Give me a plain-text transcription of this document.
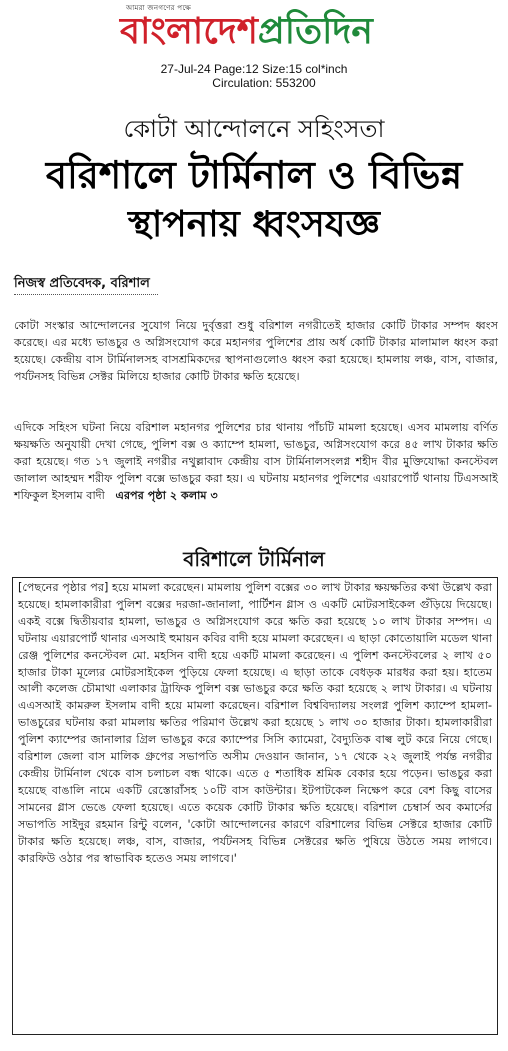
আমরা জনগণের পক্ষে
বাংলাদেশ প্রতিদিন
27-Jul-24 Page:12 Size:15 col*inch
Circulation: 553200
কোটা আন্দোলনে সহিংসতা
বরিশালে টার্মিনাল ও বিভিন্ন
স্থাপনায় ধ্বংসযজ্ঞ
নিজস্ব প্রতিবেদক, বরিশাল

কোটা সংস্কার আন্দোলনের সুযোগ নিয়ে দুর্বৃত্তরা শুধু বরিশাল নগরীতেই হাজার কোটি টাকার সম্পদ ধ্বংস করেছে। এর মধ্যে ভাঙচুর ও অগ্নিসংযোগ করে মহানগর পুলিশের প্রায় অর্ধ কোটি টাকার মালামাল ধ্বংস করা হয়েছে। কেন্দ্রীয় বাস টার্মিনালসহ বাসশ্রমিকদের স্থাপনাগুলোও ধ্বংস করা হয়েছে। হামলায় লঞ্চ, বাস, বাজার, পর্যটনসহ বিভিন্ন সেক্টর মিলিয়ে হাজার কোটি টাকার ক্ষতি হয়েছে।

এদিকে সহিংস ঘটনা নিয়ে বরিশাল মহানগর পুলিশের চার থানায় পাঁচটি মামলা হয়েছে। এসব মামলায় বর্ণিত ক্ষয়ক্ষতি অনুযায়ী দেখা গেছে, পুলিশ বক্স ও ক্যাম্পে হামলা, ভাঙচুর, অগ্নিসংযোগ করে ৪৫ লাখ টাকার ক্ষতি করা হয়েছে। গত ১৭ জুলাই নগরীর নথুল্লাবাদ কেন্দ্রীয় বাস টার্মিনালসংলগ্ন শহীদ বীর মুক্তিযোদ্ধা কনস্টেবল জালাল আহম্মদ শরীফ পুলিশ বক্সে ভাঙচুর করা হয়। এ ঘটনায় মহানগর পুলিশের এয়ারপোর্ট থানায় টিএসআই শফিকুল ইসলাম বাদী এরপর পৃষ্ঠা ২ কলাম ৩

বরিশালে টার্মিনাল

[পেছনের পৃষ্ঠার পর] হয়ে মামলা করেছেন। মামলায় পুলিশ বক্সের ৩০ লাখ টাকার ক্ষয়ক্ষতির কথা উল্লেখ করা হয়েছে। হামলাকারীরা পুলিশ বক্সের দরজা-জানালা, পার্টিশন গ্লাস ও একটি মোটরসাইকেল গুঁড়িয়ে দিয়েছে। একই বক্সে দ্বিতীয়বার হামলা, ভাঙচুর ও অগ্নিসংযোগ করে ক্ষতি করা হয়েছে ১০ লাখ টাকার সম্পদ। এ ঘটনায় এয়ারপোর্ট থানার এসআই হুমায়ন কবির বাদী হয়ে মামলা করেছেন। এ ছাড়া কোতোয়ালি মডেল থানা রেঞ্জ পুলিশের কনস্টেবল মো. মহসিন বাদী হয়ে একটি মামলা করেছেন। এ পুলিশ কনস্টেবলের ২ লাখ ৫০ হাজার টাকা মূল্যের মোটরসাইকেল পুড়িয়ে ফেলা হয়েছে। এ ছাড়া তাকে বেধড়ক মারধর করা হয়। হাতেম আলী কলেজ চৌমাথা এলাকার ট্রাফিক পুলিশ বক্স ভাঙচুর করে ক্ষতি করা হয়েছে ২ লাখ টাকার। এ ঘটনায় এএসআই কামরুল ইসলাম বাদী হয়ে মামলা করেছেন। বরিশাল বিশ্ববিদ্যালয় সংলগ্ন পুলিশ ক্যাম্পে হামলা-ভাঙচুরের ঘটনায় করা মামলায় ক্ষতির পরিমাণ উল্লেখ করা হয়েছে ১ লাখ ৩০ হাজার টাকা। হামলাকারীরা পুলিশ ক্যাম্পের জানালার গ্রিল ভাঙচুর করে ক্যাম্পের সিসি ক্যামেরা, বৈদ্যুতিক বাল্ব লুট করে নিয়ে গেছে। বরিশাল জেলা বাস মালিক গ্রুপের সভাপতি অসীম দেওয়ান জানান, ১৭ থেকে ২২ জুলাই পর্যন্ত নগরীর কেন্দ্রীয় টার্মিনাল থেকে বাস চলাচল বন্ধ থাকে। এতে ৫ শতাধিক শ্রমিক বেকার হয়ে পড়েন। ভাঙচুর করা হয়েছে বাঙালি নামে একটি রেস্তোরাঁসহ ১০টি বাস কাউন্টার। ইটপাটকেল নিক্ষেপ করে বেশ কিছু বাসের সামনের গ্লাস ভেঙে ফেলা হয়েছে। এতে কয়েক কোটি টাকার ক্ষতি হয়েছে। বরিশাল চেম্বার্স অব কমার্সের সভাপতি সাইদুর রহমান রিন্টু বলেন, 'কোটা আন্দোলনের কারণে বরিশালের বিভিন্ন সেক্টরে হাজার কোটি টাকার ক্ষতি হয়েছে। লঞ্চ, বাস, বাজার, পর্যটনসহ বিভিন্ন সেক্টরের ক্ষতি পুষিয়ে উঠতে সময় লাগবে। কারফিউ ওঠার পর স্বাভাবিক হতেও সময় লাগবে।'
